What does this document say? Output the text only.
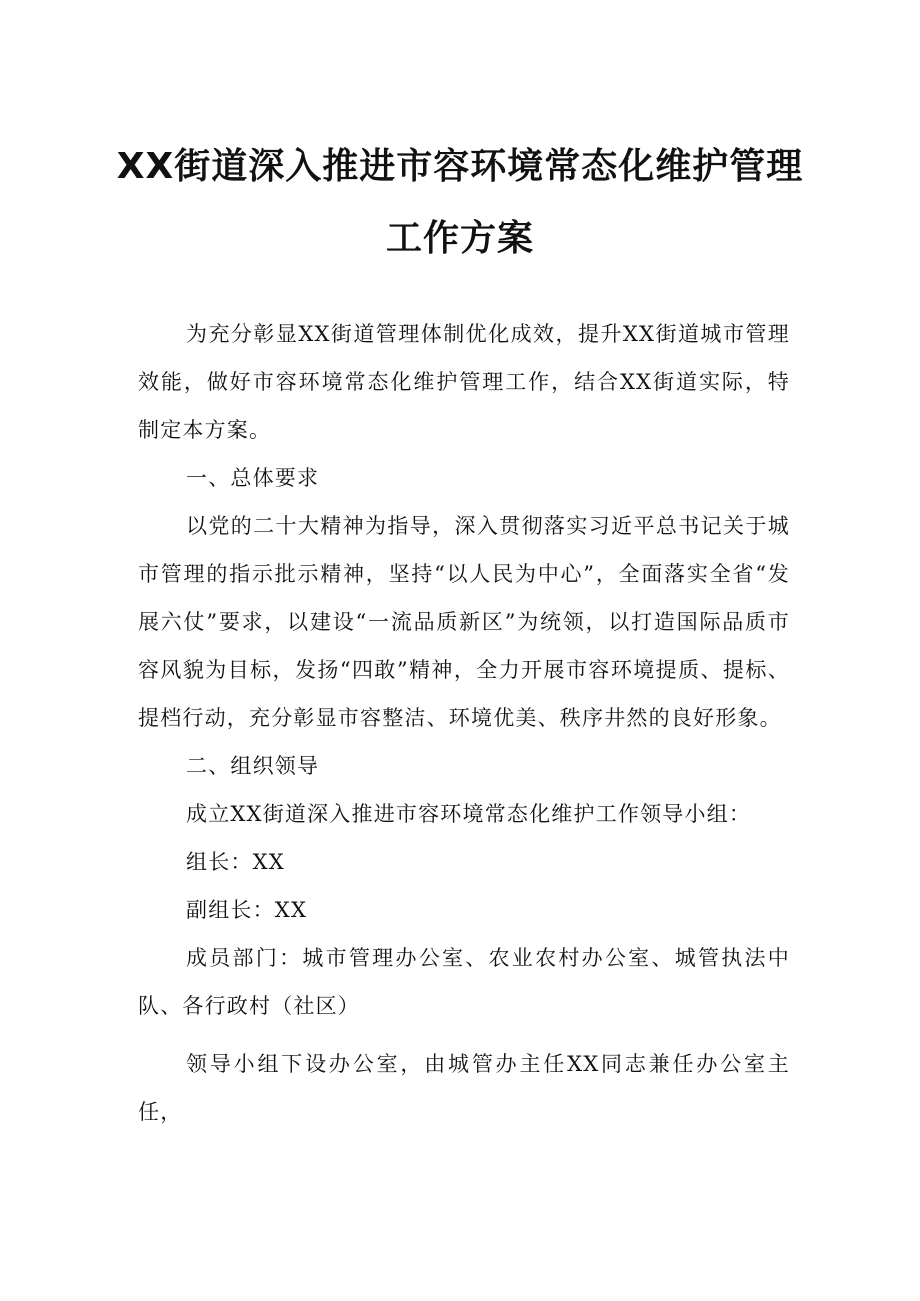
XX街道深入推进市容环境常态化维护管理
工作方案

为充分彰显XX街道管理体制优化成效，提升XX街道城市管理效能，做好市容环境常态化维护管理工作，结合XX街道实际，特制定本方案。

一、总体要求

以党的二十大精神为指导，深入贯彻落实习近平总书记关于城市管理的指示批示精神，坚持“以人民为中心”，全面落实全省“发展六仗”要求，以建设“一流品质新区”为统领，以打造国际品质市容风貌为目标，发扬“四敢”精神，全力开展市容环境提质、提标、提档行动，充分彰显市容整洁、环境优美、秩序井然的良好形象。

二、组织领导

成立XX街道深入推进市容环境常态化维护工作领导小组：

组长：XX

副组长：XX

成员部门：城市管理办公室、农业农村办公室、城管执法中队、各行政村（社区）

领导小组下设办公室，由城管办主任XX同志兼任办公室主任，
